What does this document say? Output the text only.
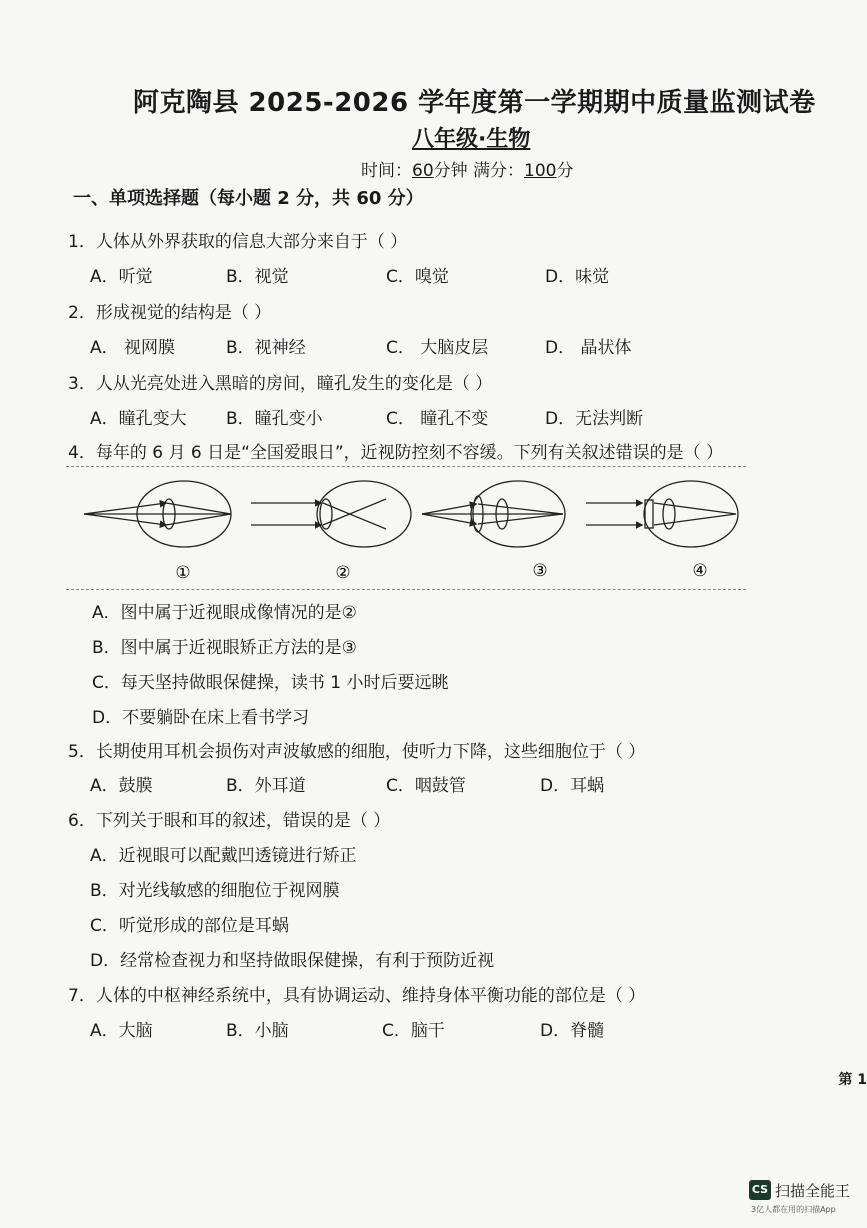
阿克陶县 2025-2026 学年度第一学期期中质量监测试卷
八年级·生物
时间：60分钟 满分：100分
一、单项选择题（每小题 2 分，共 60 分）
1．人体从外界获取的信息大部分来自于（ ）
A．听觉	B．视觉	C．嗅觉	D．味觉
2．形成视觉的结构是（ ）
A． 视网膜	B．视神经	C． 大脑皮层	D． 晶状体
3．人从光亮处进入黑暗的房间，瞳孔发生的变化是（ ）
A．瞳孔变大 B．瞳孔变小	C． 瞳孔不变	D．无法判断
4．每年的 6 月 6 日是“全国爱眼日”，近视防控刻不容缓。下列有关叙述错误的是（ ）
①	②	③	④
A．图中属于近视眼成像情况的是②
B．图中属于近视眼矫正方法的是③
C．每天坚持做眼保健操，读书 1 小时后要远眺
D．不要躺卧在床上看书学习
5．长期使用耳机会损伤对声波敏感的细胞，使听力下降，这些细胞位于（ ）
A．鼓膜	B．外耳道	C．咽鼓管	D．耳蜗
6．下列关于眼和耳的叙述，错误的是（ ）
A．近视眼可以配戴凹透镜进行矫正
B．对光线敏感的细胞位于视网膜
C．听觉形成的部位是耳蜗
D．经常检查视力和坚持做眼保健操，有利于预防近视
7．人体的中枢神经系统中，具有协调运动、维持身体平衡功能的部位是（ ）
A．大脑	B．小脑	C．脑干	D．脊髓
第 1
CS 扫描全能王
3亿人都在用的扫描App
